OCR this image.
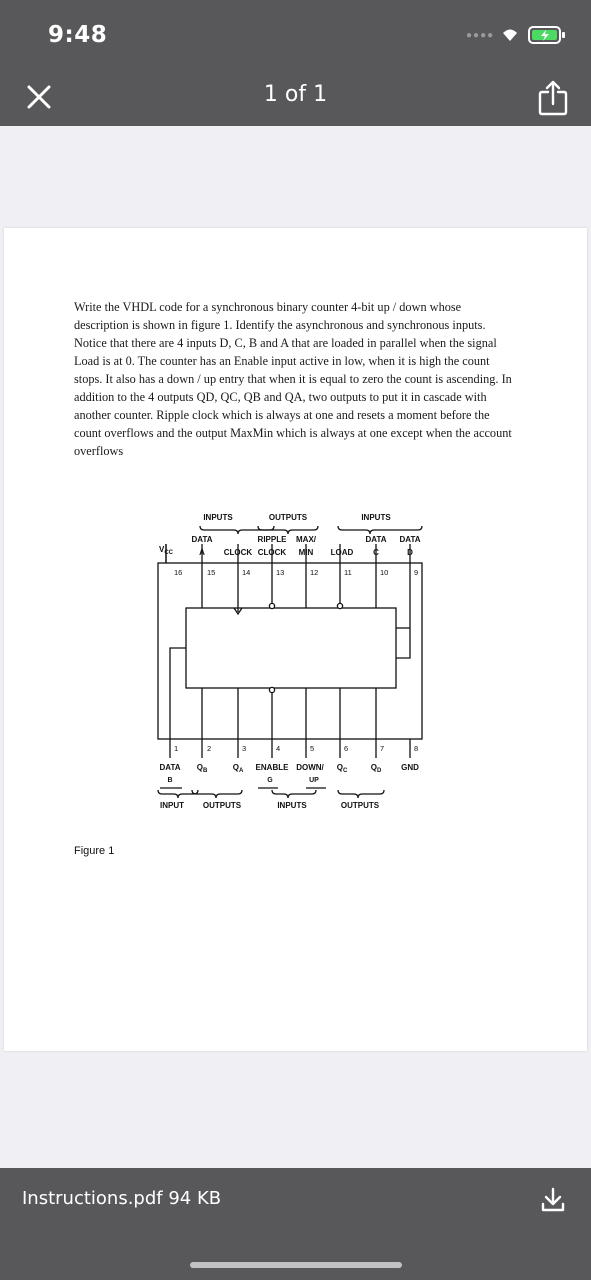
9:48	●●●●
1 of 1

Write the VHDL code for a synchronous binary counter 4-bit up / down whose description is shown in figure 1. Identify the asynchronous and synchronous inputs. Notice that there are 4 inputs D, C, B and A that are loaded in parallel when the signal Load is at 0. The counter has an Enable input active in low, when it is high the count stops. It also has a down / up entry that when it is equal to zero the count is ascending. In addition to the 4 outputs QD, QC, QB and QA, two outputs to put it in cascade with another counter. Ripple clock which is always at one and resets a moment before the count overflows and the output MaxMin which is always at one except when the account overflows

INPUTS	OUTPUTS	INPUTS
DATA
A CLOCK
RIPPLE
CLOCK
MAX/
MIN LOAD
DATA
C
DATA
D
$V_{CC}$
16	15	14	13	12	11	10	9
1	2	3	4	5	6	7	8
DATA
B
$Q_B$	$Q_A$ ENABLE
G
DOWN/
UP
$Q_C$	$Q_D$ GND
INPUT OUTPUTS	INPUTS	OUTPUTS
Figure 1
Instructions.pdf 94 KB
